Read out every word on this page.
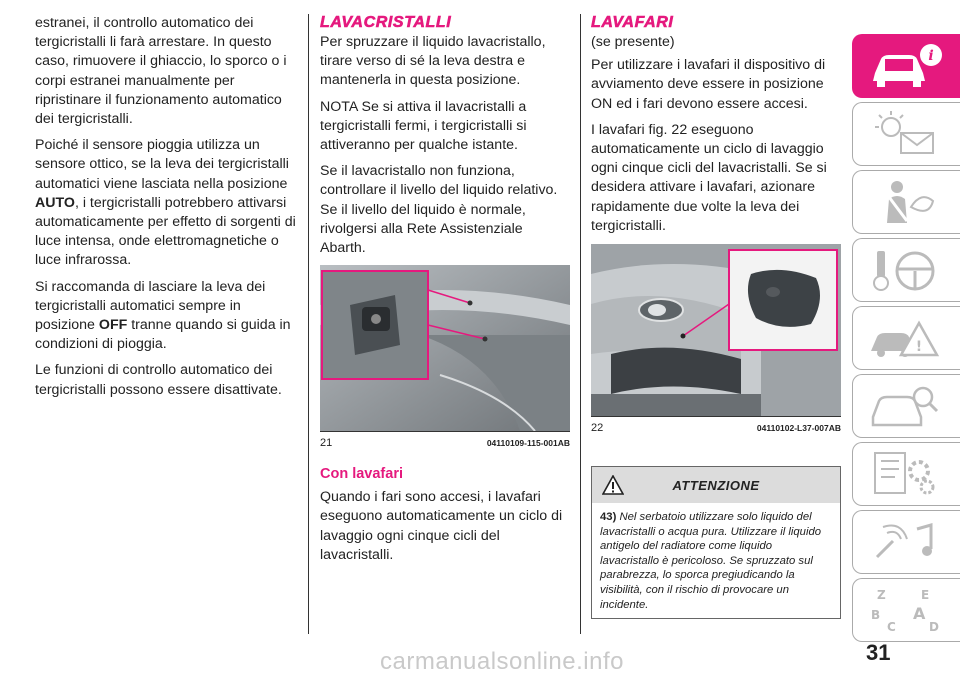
estranei, il controllo automatico dei tergicristalli li farà arrestare. In questo caso, rimuovere il ghiaccio, lo sporco o i corpi estranei manualmente per ripristinare il funzionamento automatico dei tergicristalli.

Poiché il sensore pioggia utilizza un sensore ottico, se la leva dei tergicristalli automatici viene lasciata nella posizione AUTO, i tergicristalli potrebbero attivarsi automaticamente per effetto di sorgenti di luce intensa, onde elettromagnetiche o luce infrarossa.

Si raccomanda di lasciare la leva dei tergicristalli automatici sempre in posizione OFF tranne quando si guida in condizioni di pioggia.

Le funzioni di controllo automatico dei tergicristalli possono essere disattivate.

LAVACRISTALLI

Per spruzzare il liquido lavacristallo, tirare verso di sé la leva destra e mantenerla in questa posizione.

NOTA Se si attiva il lavacristalli a tergicristalli fermi, i tergicristalli si attiveranno per qualche istante.

Se il lavacristallo non funziona, controllare il livello del liquido relativo. Se il livello del liquido è normale, rivolgersi alla Rete Assistenziale Abarth.

21	04110109-115-001AB
Con lavafari

Quando i fari sono accesi, i lavafari eseguono automaticamente un ciclo di lavaggio ogni cinque cicli del lavacristalli.

LAVAFARI

(se presente)

Per utilizzare i lavafari il dispositivo di avviamento deve essere in posizione ON ed i fari devono essere accesi.

I lavafari fig. 22 eseguono automaticamente un ciclo di lavaggio ogni cinque cicli del lavacristalli. Se si desidera attivare i lavafari, azionare rapidamente due volte la leva dei tergicristalli.

22	04110102-L37-007AB
ATTENZIONE
43) Nel serbatoio utilizzare solo liquido del lavacristalli o acqua pura. Utilizzare il liquido antigelo del radiatore come liquido lavacristallo è pericoloso. Se spruzzato sul parabrezza, lo sporca pregiudicando la visibilità, con il rischio di provocare un incidente.
i
!
Z	E
B A
C	D
31
carmanualsonline.info
